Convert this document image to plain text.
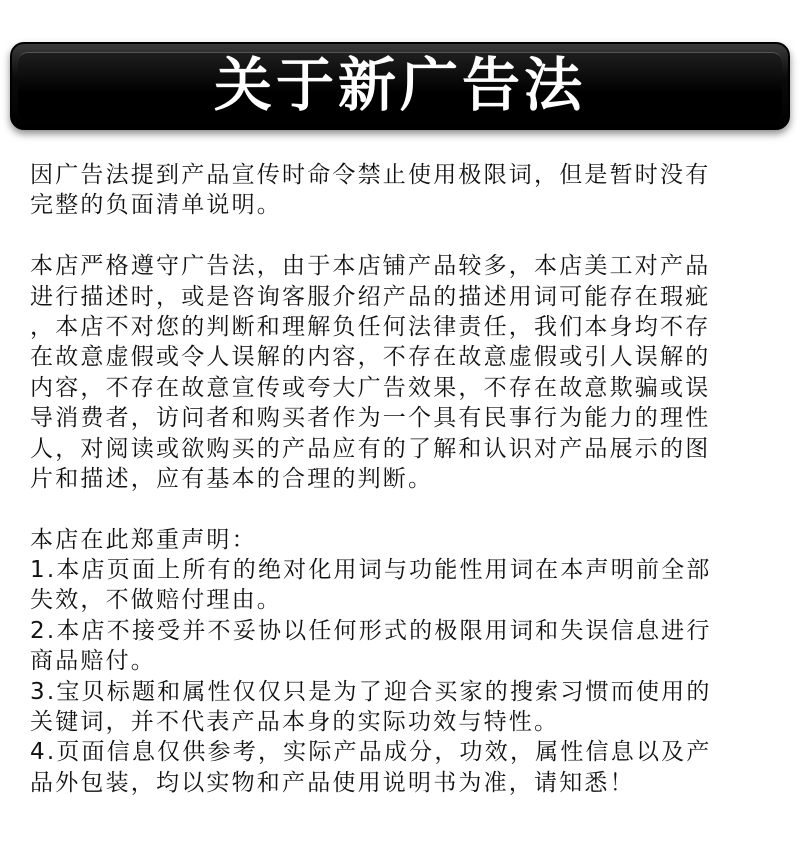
关于新广告法
因广告法提到产品宣传时命令禁止使用极限词，但是暂时没有
完整的负面清单说明。
本店严格遵守广告法，由于本店铺产品较多，本店美工对产品
进行描述时，或是咨询客服介绍产品的描述用词可能存在瑕疵
，本店不对您的判断和理解负任何法律责任，我们本身均不存
在故意虚假或令人误解的内容，不存在故意虚假或引人误解的
内容，不存在故意宣传或夸大广告效果，不存在故意欺骗或误
导消费者，访问者和购买者作为一个具有民事行为能力的理性
人，对阅读或欲购买的产品应有的了解和认识对产品展示的图
片和描述，应有基本的合理的判断。
本店在此郑重声明：
1.本店页面上所有的绝对化用词与功能性用词在本声明前全部
失效，不做赔付理由。
2.本店不接受并不妥协以任何形式的极限用词和失误信息进行
商品赔付。
3.宝贝标题和属性仅仅只是为了迎合买家的搜索习惯而使用的
关键词，并不代表产品本身的实际功效与特性。
4.页面信息仅供参考，实际产品成分，功效，属性信息以及产
品外包装，均以实物和产品使用说明书为准，请知悉！
